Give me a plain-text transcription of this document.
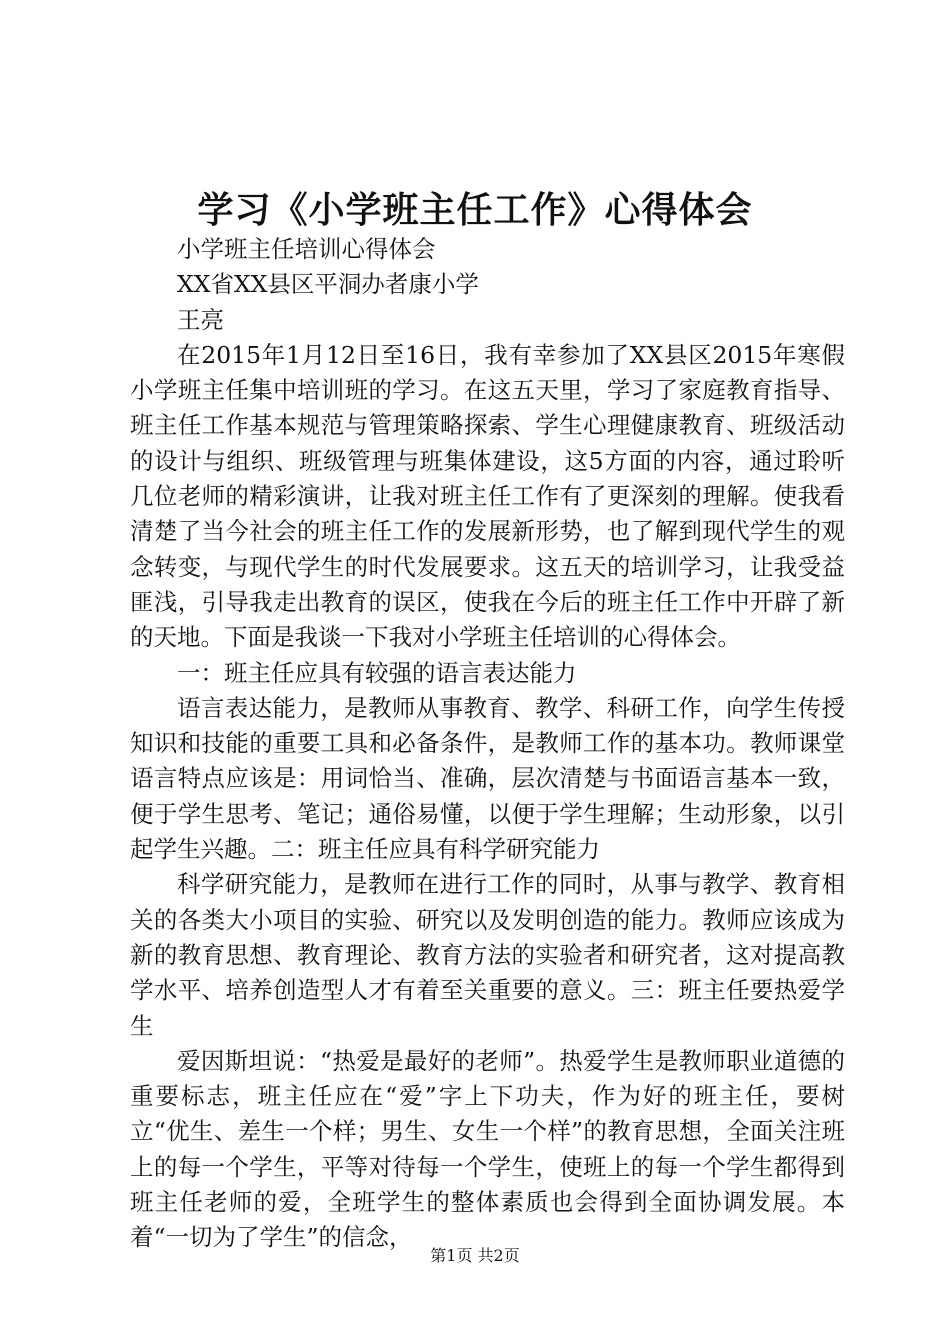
学习《小学班主任工作》心得体会

小学班主任培训心得体会

XX省XX县区平洞办者康小学

王亮

在2015年1月12日至16日，我有幸参加了XX县区2015年寒假小学班主任集中培训班的学习。在这五天里，学习了家庭教育指导、班主任工作基本规范与管理策略探索、学生心理健康教育、班级活动的设计与组织、班级管理与班集体建设，这5方面的内容，通过聆听几位老师的精彩演讲，让我对班主任工作有了更深刻的理解。使我看清楚了当今社会的班主任工作的发展新形势，也了解到现代学生的观念转变，与现代学生的时代发展要求。这五天的培训学习，让我受益匪浅，引导我走出教育的误区，使我在今后的班主任工作中开辟了新的天地。下面是我谈一下我对小学班主任培训的心得体会。

一：班主任应具有较强的语言表达能力

语言表达能力，是教师从事教育、教学、科研工作，向学生传授知识和技能的重要工具和必备条件，是教师工作的基本功。教师课堂语言特点应该是：用词恰当、准确，层次清楚与书面语言基本一致，便于学生思考、笔记；通俗易懂，以便于学生理解；生动形象，以引起学生兴趣。二：班主任应具有科学研究能力

科学研究能力，是教师在进行工作的同时，从事与教学、教育相关的各类大小项目的实验、研究以及发明创造的能力。教师应该成为新的教育思想、教育理论、教育方法的实验者和研究者，这对提高教学水平、培养创造型人才有着至关重要的意义。三：班主任要热爱学生

爱因斯坦说：“热爱是最好的老师”。热爱学生是教师职业道德的重要标志，班主任应在“爱”字上下功夫，作为好的班主任，要树立“优生、差生一个样；男生、女生一个样”的教育思想，全面关注班上的每一个学生，平等对待每一个学生，使班上的每一个学生都得到班主任老师的爱，全班学生的整体素质也会得到全面协调发展。本着“一切为了学生”的信念，

第1页 共2页
